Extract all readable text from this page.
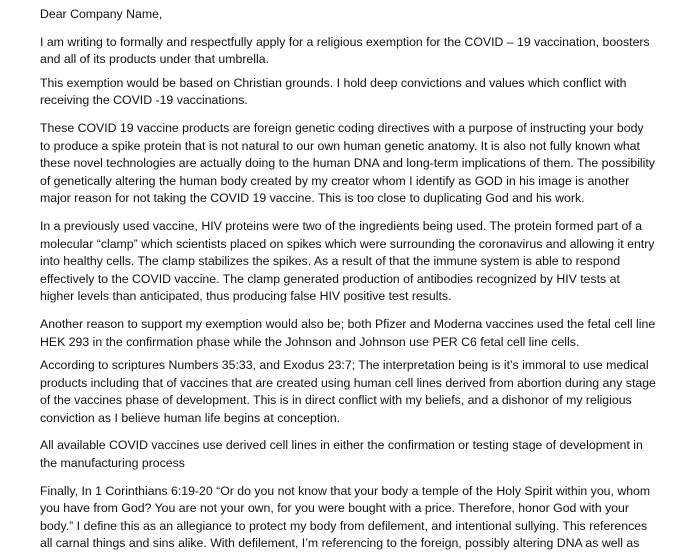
Dear Company Name,

I am writing to formally and respectfully apply for a religious exemption for the COVID – 19 vaccination, boosters and all of its products under that umbrella.

This exemption would be based on Christian grounds. I hold deep convictions and values which conflict with receiving the COVID -19 vaccinations.

These COVID 19 vaccine products are foreign genetic coding directives with a purpose of instructing your body to produce a spike protein that is not natural to our own human genetic anatomy. It is also not fully known what these novel technologies are actually doing to the human DNA and long-term implications of them. The possibility of genetically altering the human body created by my creator whom I identify as GOD in his image is another major reason for not taking the COVID 19 vaccine. This is too close to duplicating God and his work.

In a previously used vaccine, HIV proteins were two of the ingredients being used. The protein formed part of a molecular “clamp” which scientists placed on spikes which were surrounding the coronavirus and allowing it entry into healthy cells. The clamp stabilizes the spikes. As a result of that the immune system is able to respond effectively to the COVID vaccine. The clamp generated production of antibodies recognized by HIV tests at higher levels than anticipated, thus producing false HIV positive test results.

Another reason to support my exemption would also be; both Pfizer and Moderna vaccines used the fetal cell line HEK 293 in the confirmation phase while the Johnson and Johnson use PER C6 fetal cell line cells.

According to scriptures Numbers 35:33, and Exodus 23:7; The interpretation being is it’s immoral to use medical products including that of vaccines that are created using human cell lines derived from abortion during any stage of the vaccines phase of development. This is in direct conflict with my beliefs, and a dishonor of my religious conviction as I believe human life begins at conception.

All available COVID vaccines use derived cell lines in either the confirmation or testing stage of development in the manufacturing process

Finally, In 1 Corinthians 6:19-20 “Or do you not know that your body a temple of the Holy Spirit within you, whom you have from God? You are not your own, for you were bought with a price. Therefore, honor God with your body.” I define this as an allegiance to protect my body from defilement, and intentional sullying. This references all carnal things and sins alike. With defilement, I’m referencing to the foreign, possibly altering DNA as well as
